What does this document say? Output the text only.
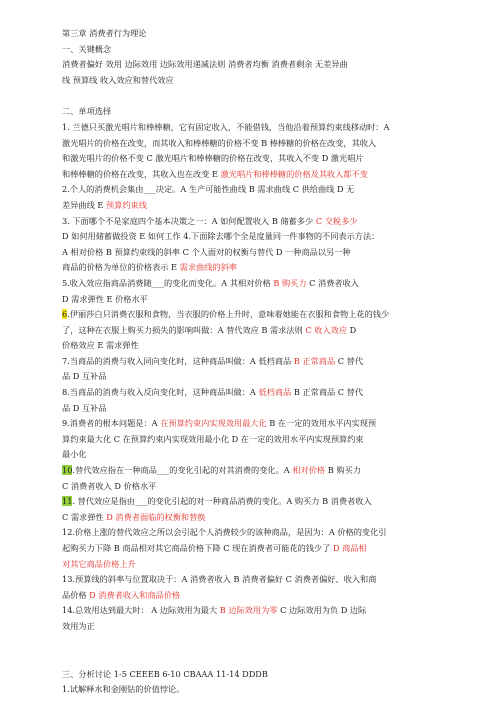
第三章 消费者行为理论
一、关键概念
消费者偏好 效用 边际效用 边际效用递减法则 消费者均衡 消费者剩余 无差异曲
线 预算线 收入效应和替代效应
二、单项选择
1. 兰德只买激光唱片和棒棒糖，它有固定收入，不能借钱，当他沿着预算约束线移动时：A
激光唱片的价格在改变，而其收入和棒棒糖的价格不变 B 棒棒糖的价格在改变，其收入
和激光唱片的价格不变 C 激光唱片和棒棒糖的价格在改变，其收入不变 D 激光唱片
和棒棒糖的价格在改变，其收入也在改变 E 激光唱片和棒棒糖的价格及其收入都不变
2.个人的消费机会集由___决定。A 生产可能性曲线 B 需求曲线 C 供给曲线 D 无
差异曲线 E 预算约束线
3. 下面哪个不是家庭四个基本决策之一：A 如何配置收入 B 储蓄多少 C 交税多少
D 如何用储蓄做投资 E 如何工作 4.下面除去哪个全是度量同一件事物的不同表示方法：
A 相对价格 B 预算约束线的斜率 C 个人面对的权衡与替代 D 一种商品以另一种
商品的价格为单位的价格表示 E 需求曲线的斜率
5.收入效应指商品消费随___的变化而变化。A 其相对价格 B 购买力 C 消费者收入
D 需求弹性 E 价格水平
6.伊丽莎白只消费衣服和食物，当衣服的价格上升时，意味着她能在衣服和食物上花的钱少
了，这种在衣服上购买力损失的影响叫做：A 替代效应 B 需求法则 C 收入效应 D
价格效应 E 需求弹性
7.当商品的消费与收入同向变化时，这种商品叫做：A 低档商品 B 正常商品 C 替代
品 D 互补品
8.当商品的消费与收入反向变化时，这种商品叫做：A 低档商品 B 正常商品 C 替代
品 D 互补品
9.消费者的根本问题是：A 在预算约束内实现效用最大化 B 在一定的效用水平内实现预
算约束最大化 C 在预算约束内实现效用最小化 D 在一定的效用水平内实现预算约束
最小化
10.替代效应指在一种商品___的变化引起的对其消费的变化。A 相对价格 B 购买力
C 消费者收入 D 价格水平
11. 替代效应是指由___的变化引起的对一种商品消费的变化。A 购买力 B 消费者收入
C 需求弹性 D 消费者面临的权衡和替换
12.价格上涨的替代效应之所以会引起个人消费较少的该种商品，是因为：A 价格的变化引
起购买力下降 B 商品相对其它商品价格下降 C 现在消费者可能花的钱少了 D 商品相
对其它商品价格上升
13.预算线的斜率与位置取决于：A 消费者收入 B 消费者偏好 C 消费者偏好、收入和商
品价格 D 消费者收入和商品价格
14.总效用达到最大时： A 边际效用为最大 B 边际效用为零 C 边际效用为负 D 边际
效用为正
三、分析讨论 1-5 CEEEB 6-10 CBAAA 11-14 DDDB
1.试解释水和金刚钻的价值悖论。
